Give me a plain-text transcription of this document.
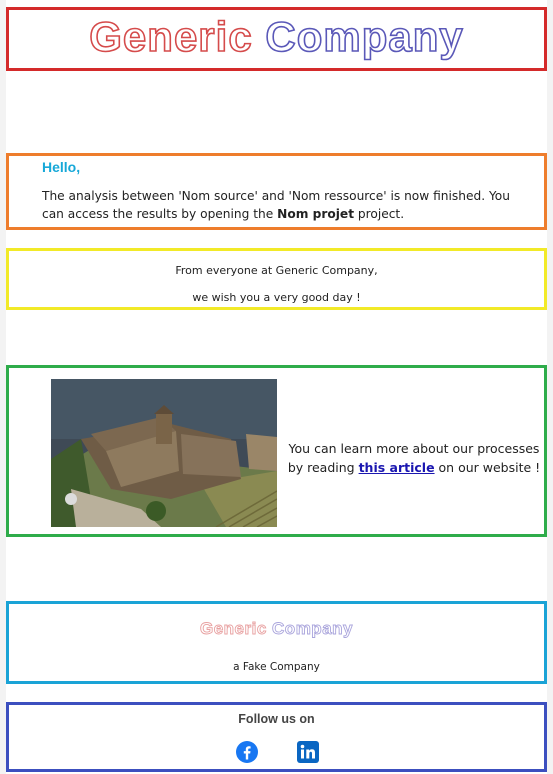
Generic Company
Hello,
The analysis between 'Nom source' and 'Nom ressource' is now finished. You can access the results by opening the Nom projet project.
From everyone at Generic Company,
we wish you a very good day !
You can learn more about our processes by reading this article on our website !
Generic Company
a Fake Company
Follow us on
